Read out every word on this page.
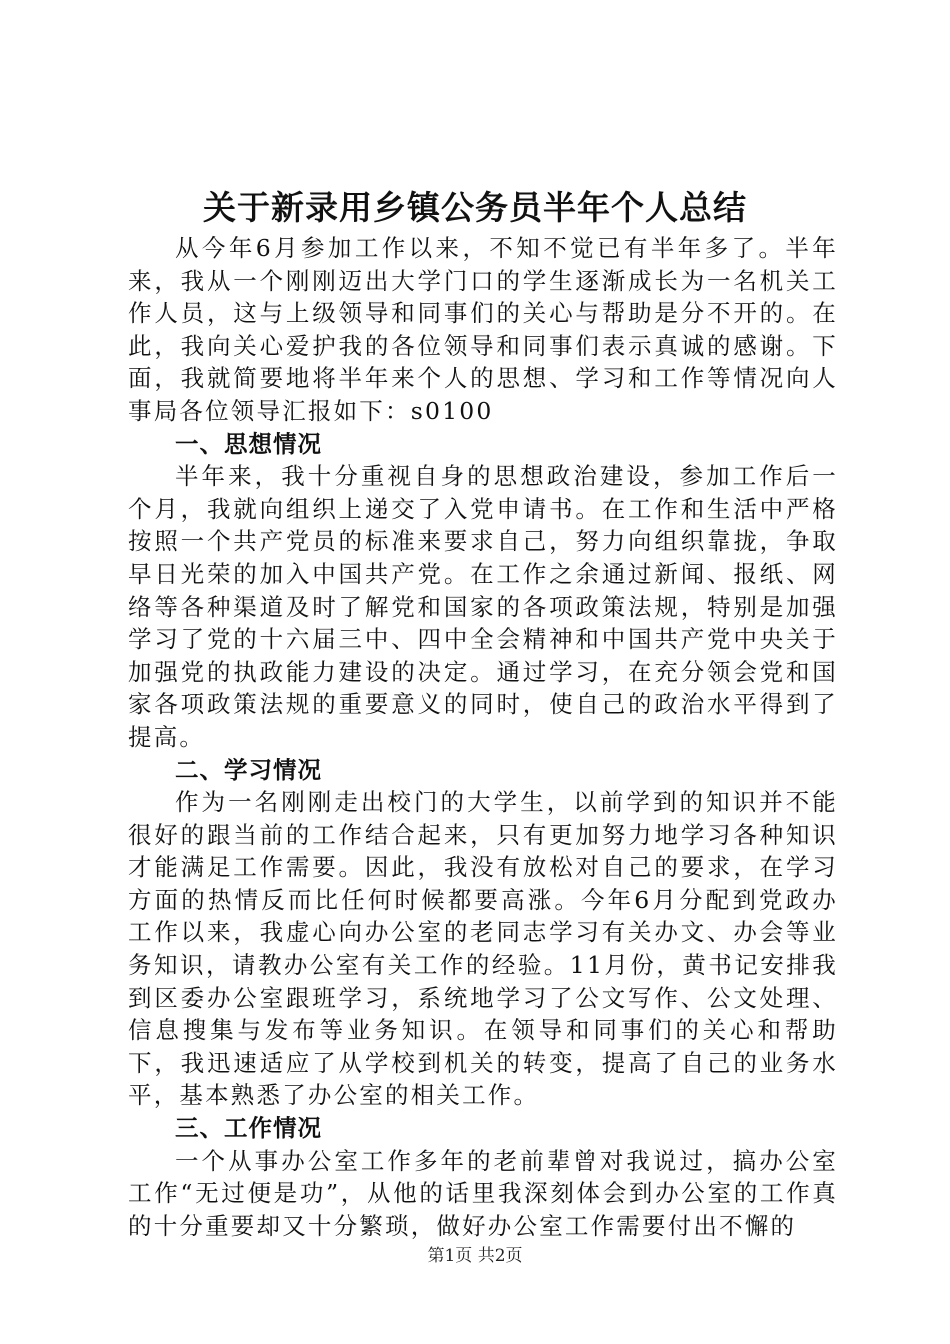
关于新录用乡镇公务员半年个人总结

从今年6月参加工作以来，不知不觉已有半年多了。半年来，我从一个刚刚迈出大学门口的学生逐渐成长为一名机关工作人员，这与上级领导和同事们的关心与帮助是分不开的。在此，我向关心爱护我的各位领导和同事们表示真诚的感谢。下面，我就简要地将半年来个人的思想、学习和工作等情况向人事局各位领导汇报如下：s0100

一、思想情况

半年来，我十分重视自身的思想政治建设，参加工作后一个月，我就向组织上递交了入党申请书。在工作和生活中严格按照一个共产党员的标准来要求自己，努力向组织靠拢，争取早日光荣的加入中国共产党。在工作之余通过新闻、报纸、网络等各种渠道及时了解党和国家的各项政策法规，特别是加强学习了党的十六届三中、四中全会精神和中国共产党中央关于加强党的执政能力建设的决定。通过学习，在充分领会党和国家各项政策法规的重要意义的同时，使自己的政治水平得到了提高。

二、学习情况

作为一名刚刚走出校门的大学生，以前学到的知识并不能很好的跟当前的工作结合起来，只有更加努力地学习各种知识才能满足工作需要。因此，我没有放松对自己的要求，在学习方面的热情反而比任何时候都要高涨。今年6月分配到党政办工作以来，我虚心向办公室的老同志学习有关办文、办会等业务知识，请教办公室有关工作的经验。11月份，黄书记安排我到区委办公室跟班学习，系统地学习了公文写作、公文处理、信息搜集与发布等业务知识。在领导和同事们的关心和帮助下，我迅速适应了从学校到机关的转变，提高了自己的业务水平，基本熟悉了办公室的相关工作。

三、工作情况

一个从事办公室工作多年的老前辈曾对我说过，搞办公室工作“无过便是功”，从他的话里我深刻体会到办公室的工作真的十分重要却又十分繁琐，做好办公室工作需要付出不懈的

第1页 共2页
